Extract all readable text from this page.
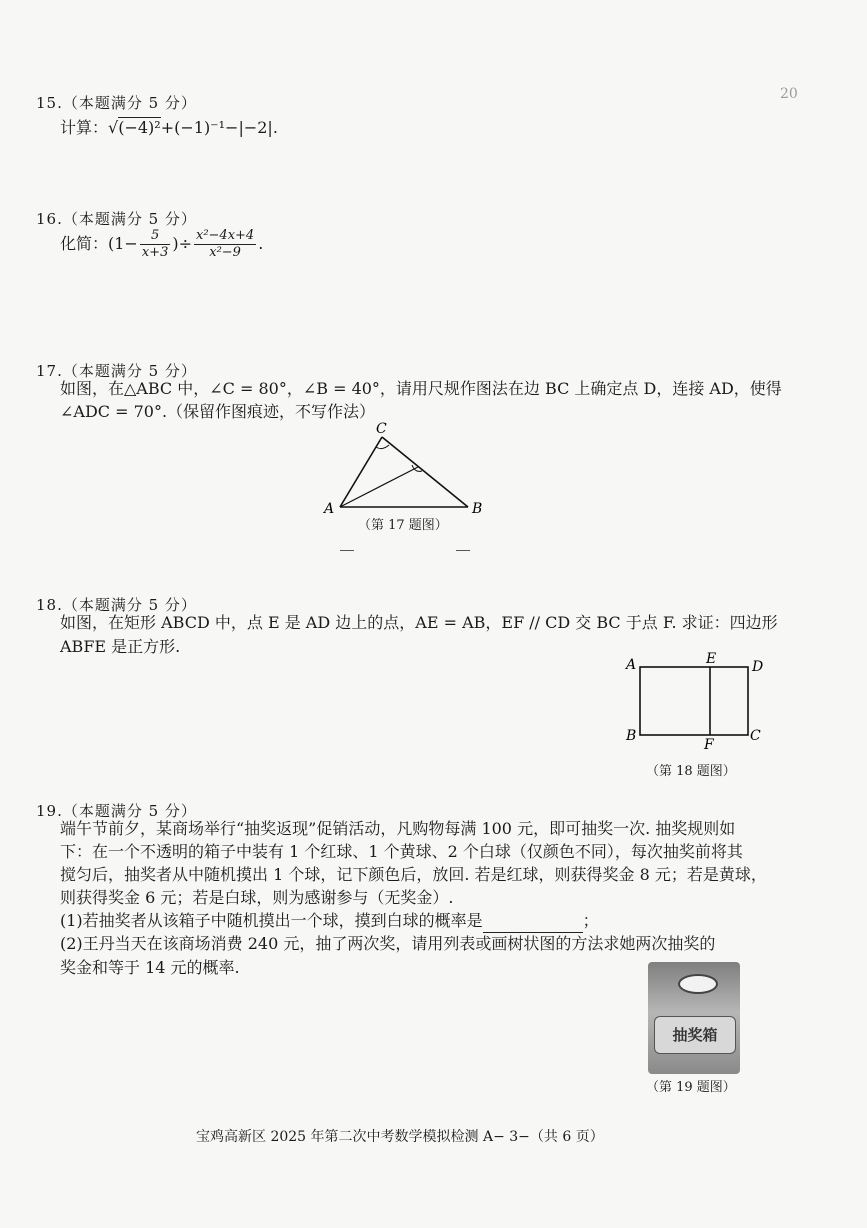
20
15.（本题满分 5 分）
计算：√(−4)²+(−1)⁻¹−|−2|.
16.（本题满分 5 分）
化简：($1- \frac{5}{x+3}$ )÷ $\frac{\text{x²−4x+4}}{\text{x²−9}}$ .
17.（本题满分 5 分）
如图，在△ABC 中，∠C = 80°，∠B = 40°，请用尺规作图法在边 BC 上确定点 D，连接 AD，使得
∠ADC = 70°.（保留作图痕迹，不写作法）
C
A	B
（第 17 题图）
18.（本题满分 5 分）
如图，在矩形 ABCD 中，点 E 是 AD 边上的点，AE = AB，EF // CD 交 BC 于点 F. 求证：四边形
ABFE 是正方形.
A	E	D
B
F
C
（第 18 题图）
19.（本题满分 5 分）
端午节前夕，某商场举行“抽奖返现”促销活动，凡购物每满 100 元，即可抽奖一次. 抽奖规则如
下：在一个不透明的箱子中装有 1 个红球、1 个黄球、2 个白球（仅颜色不同），每次抽奖前将其
搅匀后，抽奖者从中随机摸出 1 个球，记下颜色后，放回. 若是红球，则获得奖金 8 元；若是黄球，
则获得奖金 6 元；若是白球，则为感谢参与（无奖金）.
(1)若抽奖者从该箱子中随机摸出一个球，摸到白球的概率是	；
(2)王丹当天在该商场消费 240 元，抽了两次奖，请用列表或画树状图的方法求她两次抽奖的
奖金和等于 14 元的概率.
抽奖箱
（第 19 题图）
宝鸡高新区 2025 年第二次中考数学模拟检测 A− 3−（共 6 页）
